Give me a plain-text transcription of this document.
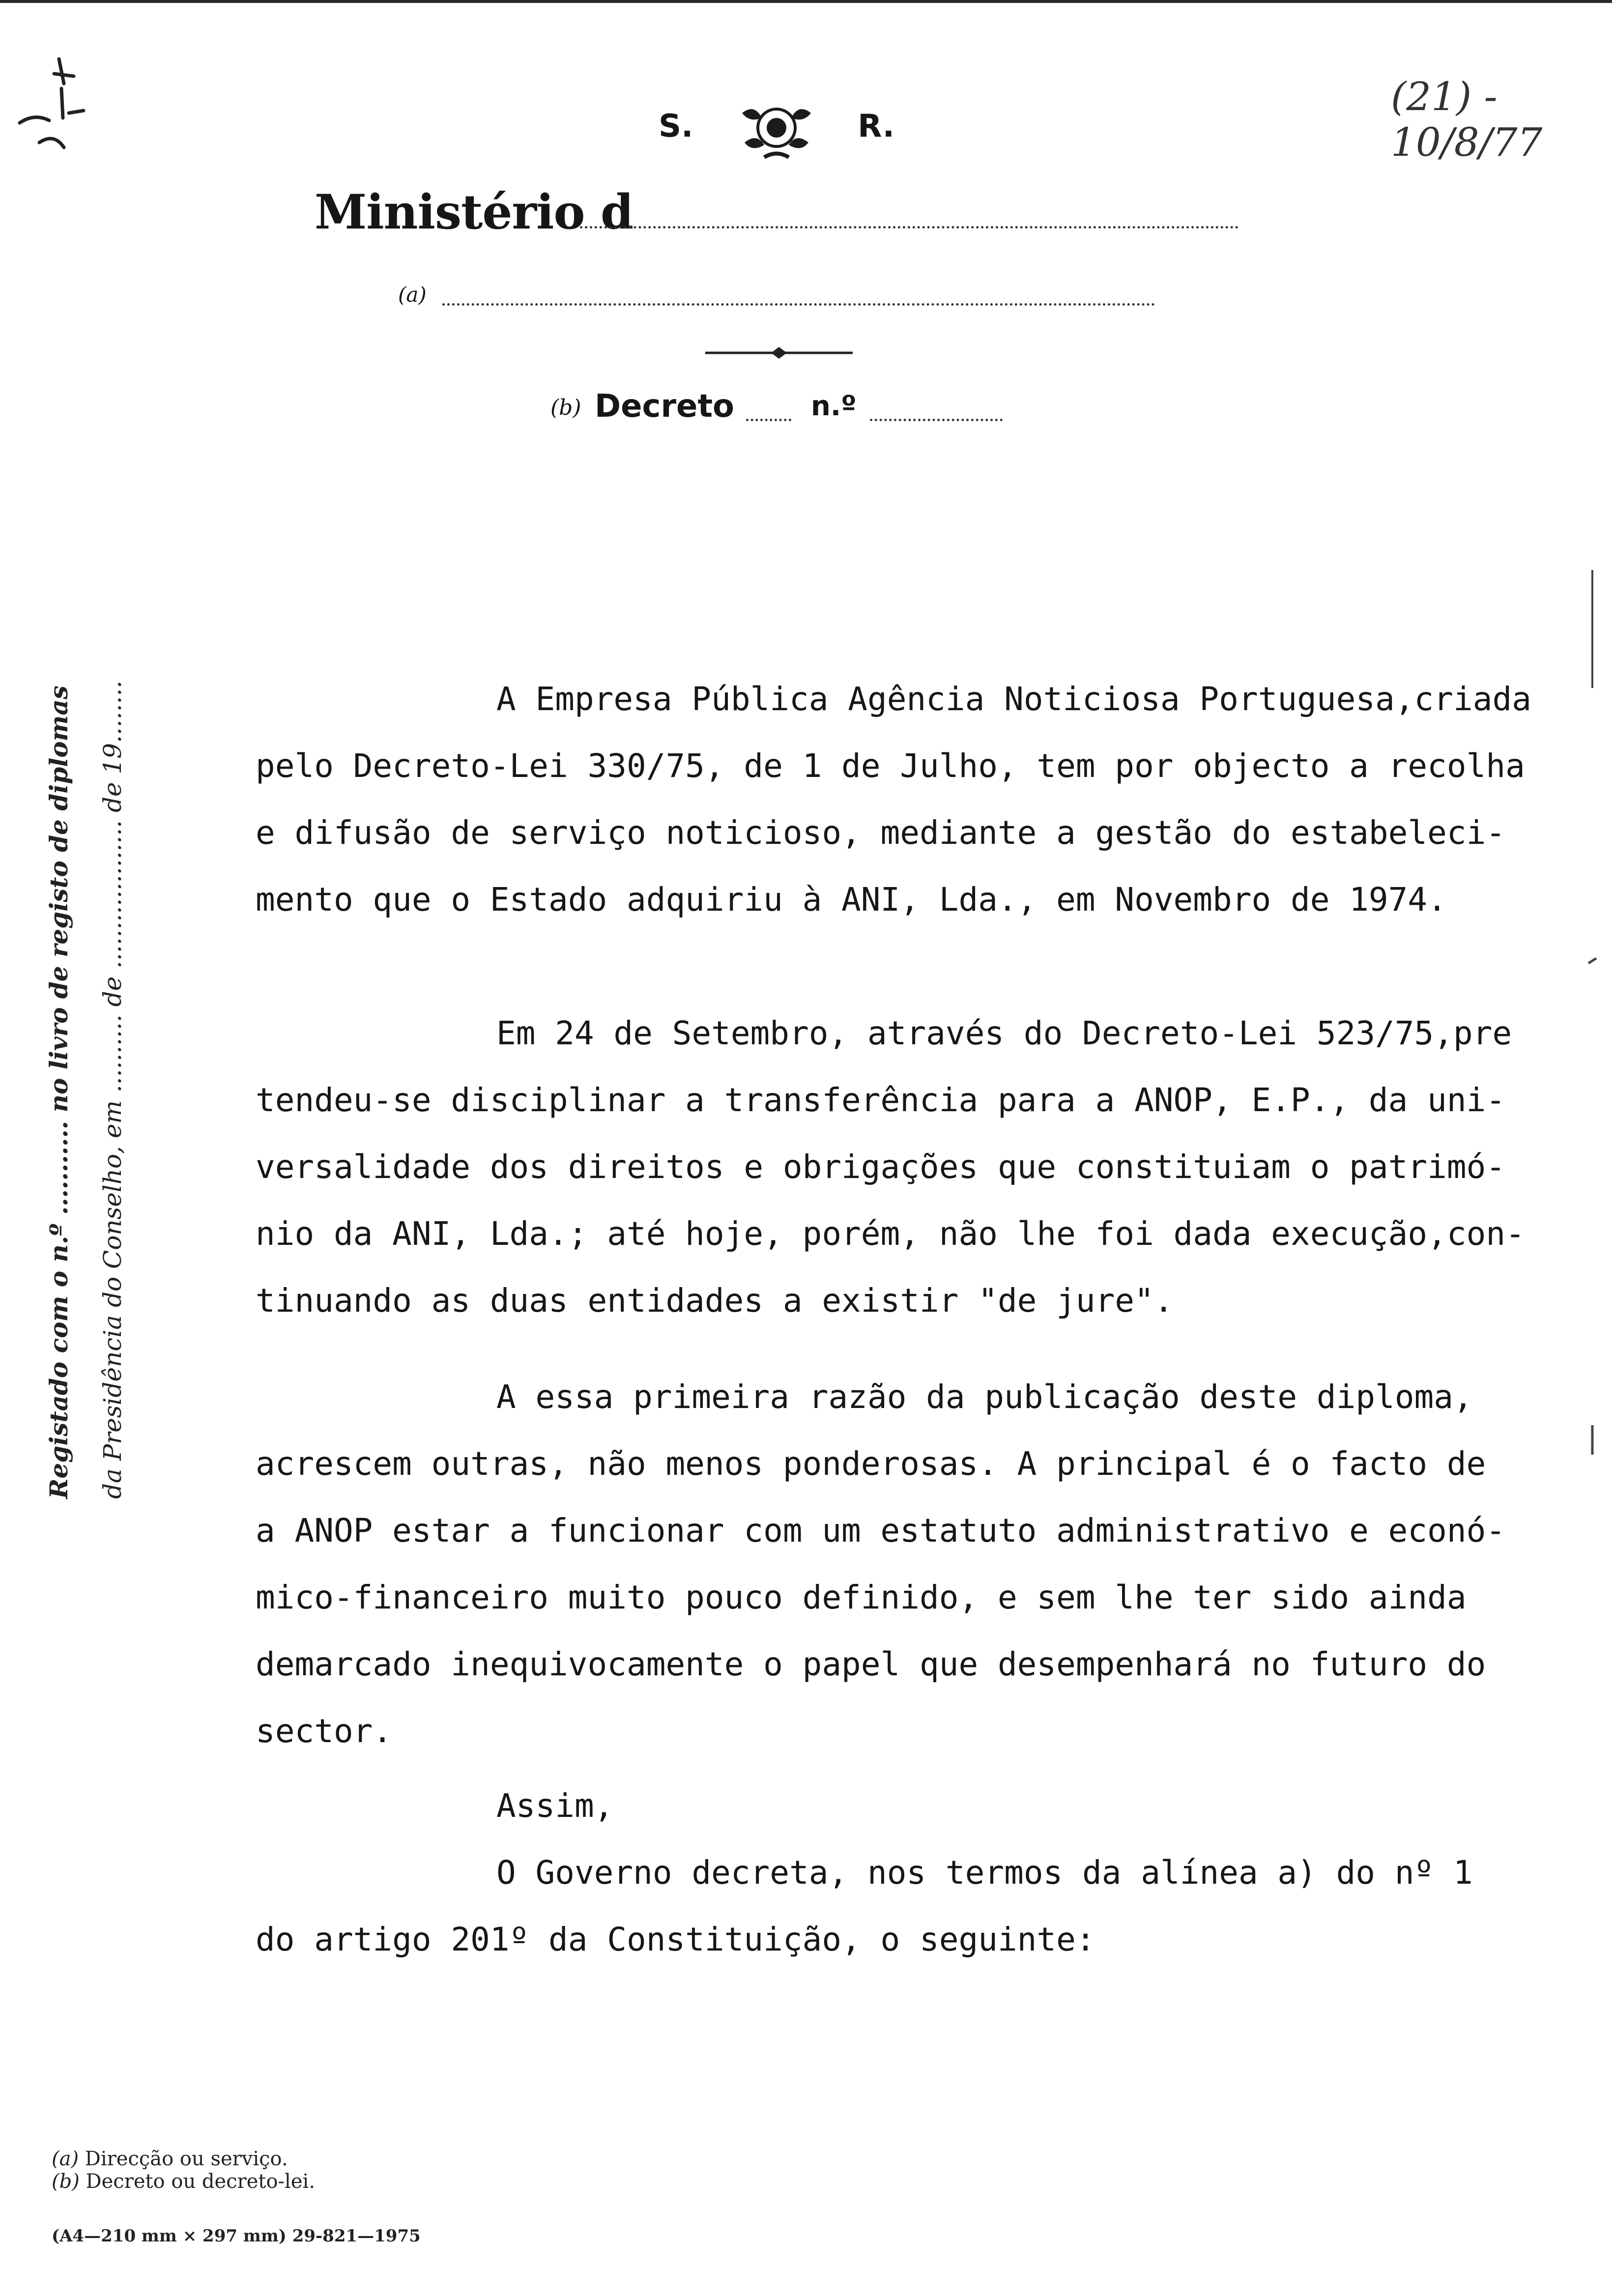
S.	R.
(21) - 10/8/77
Ministério d
(a)
(b) Decreto	n.º
Registado com o n.º ........... no livro de registo de diplomas da Presidência do Conselho, em .......... de ................... de 19........	A Empresa Pública Agência Noticiosa Portuguesa,criada

pelo Decreto-Lei 330/75, de 1 de Julho, tem por objecto a recolha

e difusão de serviço noticioso, mediante a gestão do estabeleci-

mento que o Estado adquiriu à ANI, Lda., em Novembro de 1974.

Em 24 de Setembro, através do Decreto-Lei 523/75,pre

tendeu-se disciplinar a transferência para a ANOP, E.P., da uni-

versalidade dos direitos e obrigações que constituiam o patrimó-

nio da ANI, Lda.; até hoje, porém, não lhe foi dada execução,con-

tinuando as duas entidades a existir "de jure".

A essa primeira razão da publicação deste diploma,

acrescem outras, não menos ponderosas. A principal é o facto de

a ANOP estar a funcionar com um estatuto administrativo e econó-

mico-financeiro muito pouco definido, e sem lhe ter sido ainda

demarcado inequivocamente o papel que desempenhará no futuro do

sector.

Assim,

O Governo decreta, nos termos da alínea a) do nº 1

do artigo 201º da Constituição, o seguinte:

(a) Direcção ou serviço.
(b) Decreto ou decreto-lei.
(A4—210 mm × 297 mm) 29-821—1975
